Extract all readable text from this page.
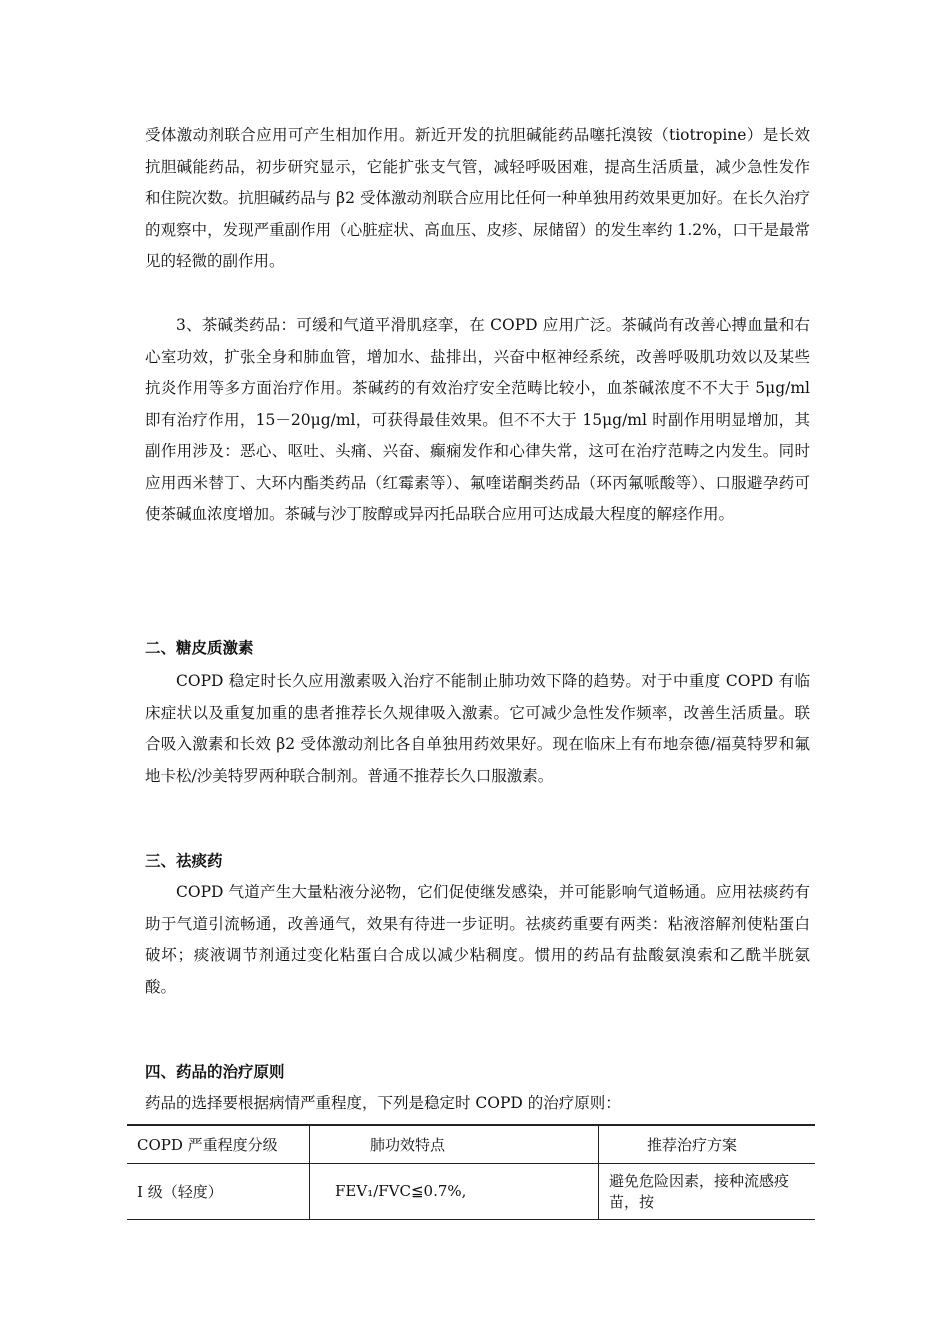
受体激动剂联合应用可产生相加作用。新近开发的抗胆碱能药品噻托溴铵（tiotropine）是长效抗胆碱能药品，初步研究显示，它能扩张支气管，减轻呼吸困难，提高生活质量，减少急性发作和住院次数。抗胆碱药品与 β2 受体激动剂联合应用比任何一种单独用药效果更加好。在长久治疗的观察中，发现严重副作用（心脏症状、高血压、皮疹、尿储留）的发生率约 1.2%，口干是最常见的轻微的副作用。

3、茶碱类药品：可缓和气道平滑肌痉挛，在 COPD 应用广泛。茶碱尚有改善心搏血量和右心室功效，扩张全身和肺血管，增加水、盐排出，兴奋中枢神经系统，改善呼吸肌功效以及某些抗炎作用等多方面治疗作用。茶碱药的有效治疗安全范畴比较小，血茶碱浓度不不大于 5μg/ml 即有治疗作用，15－20μg/ml，可获得最佳效果。但不不大于 15μg/ml 时副作用明显增加，其副作用涉及：恶心、呕吐、头痛、兴奋、癫痫发作和心律失常，这可在治疗范畴之内发生。同时应用西米替丁、大环内酯类药品（红霉素等）、氟喹诺酮类药品（环丙氟哌酸等）、口服避孕药可使茶碱血浓度增加。茶碱与沙丁胺醇或异丙托品联合应用可达成最大程度的解痉作用。

二、糖皮质激素

COPD 稳定时长久应用激素吸入治疗不能制止肺功效下降的趋势。对于中重度 COPD 有临床症状以及重复加重的患者推荐长久规律吸入激素。它可减少急性发作频率，改善生活质量。联合吸入激素和长效 β2 受体激动剂比各自单独用药效果好。现在临床上有布地奈德/福莫特罗和氟地卡松/沙美特罗两种联合制剂。普通不推荐长久口服激素。

三、祛痰药

COPD 气道产生大量粘液分泌物，它们促使继发感染，并可能影响气道畅通。应用祛痰药有助于气道引流畅通，改善通气，效果有待进一步证明。祛痰药重要有两类：粘液溶解剂使粘蛋白破坏；痰液调节剂通过变化粘蛋白合成以减少粘稠度。惯用的药品有盐酸氨溴索和乙酰半胱氨酸。

四、药品的治疗原则

药品的选择要根据病情严重程度，下列是稳定时 COPD 的治疗原则：

COPD 严重程度分级	肺功效特点	推荐治疗方案
Ⅰ 级（轻度）	FEV₁/FVC≦0.7%,	避免危险因素，接种流感疫苗，按
